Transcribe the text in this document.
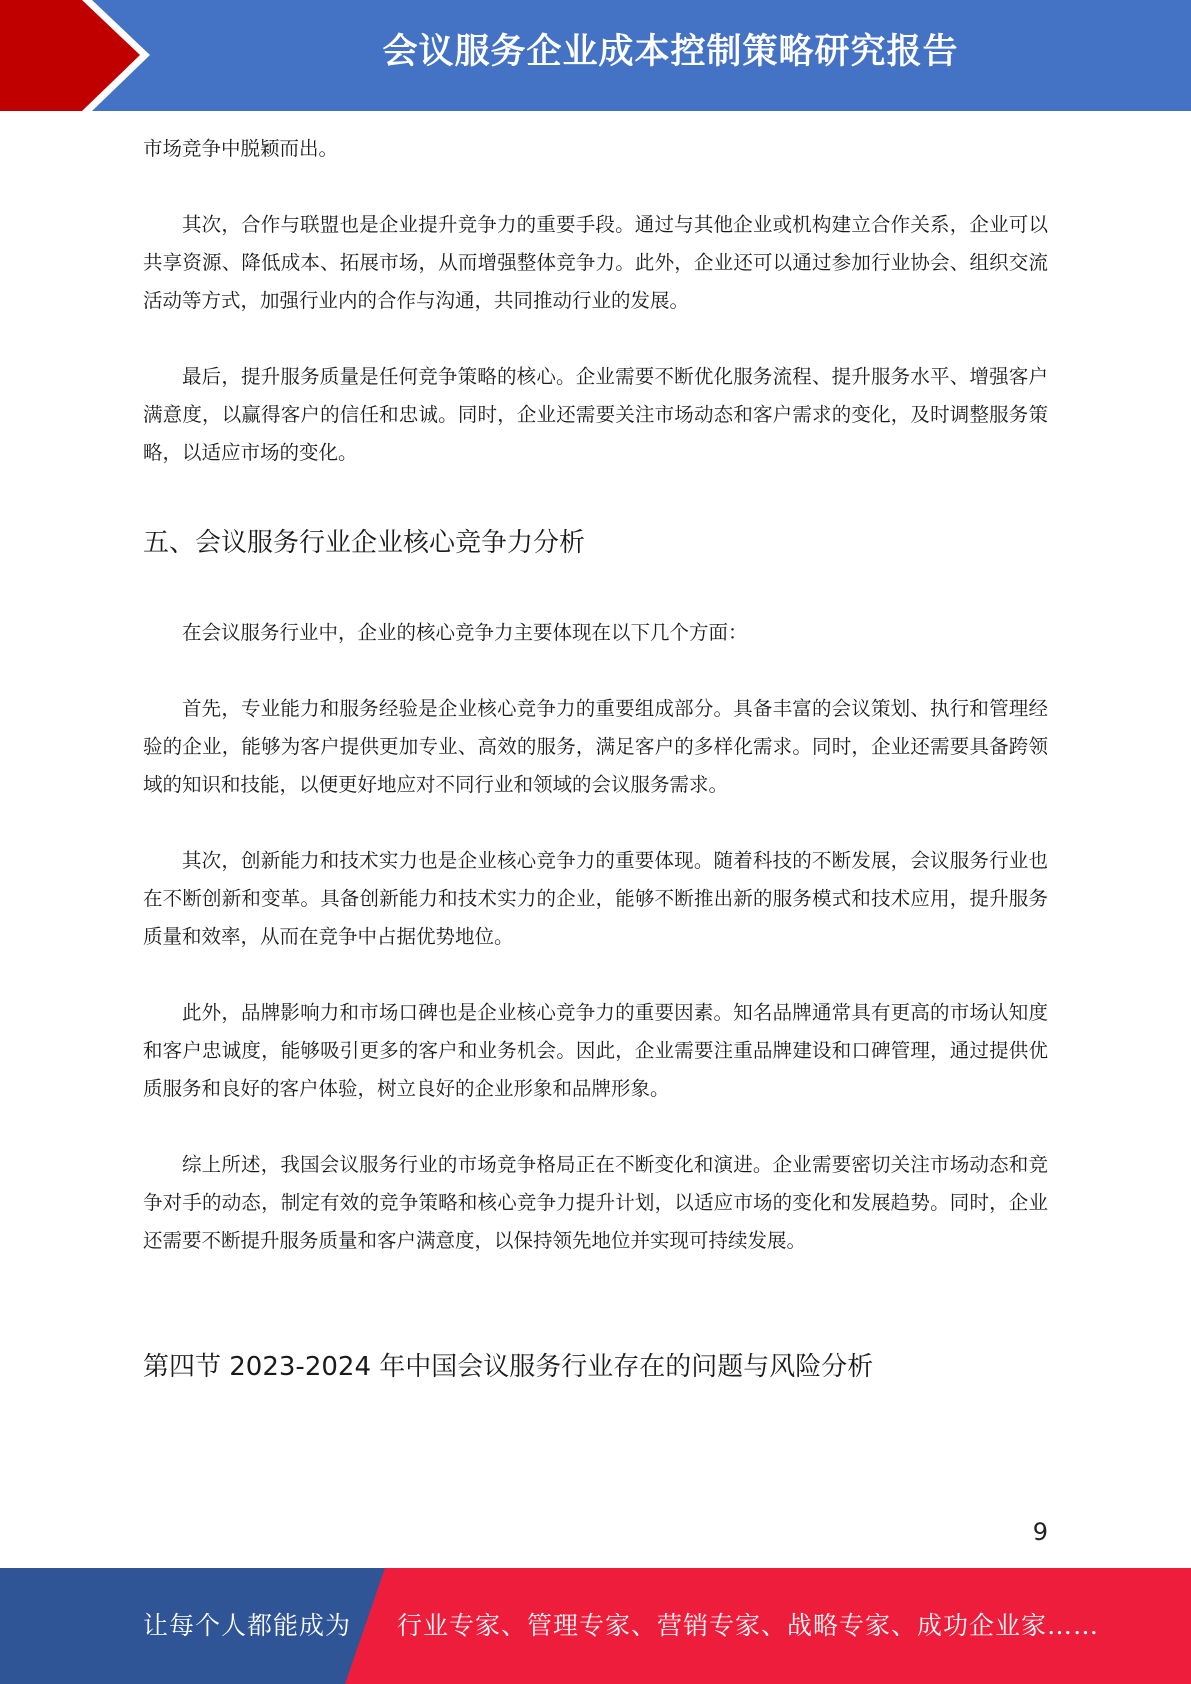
会议服务企业成本控制策略研究报告

市场竞争中脱颖而出。

其次，合作与联盟也是企业提升竞争力的重要手段。通过与其他企业或机构建立合作关系，企业可以共享资源、降低成本、拓展市场，从而增强整体竞争力。此外，企业还可以通过参加行业协会、组织交流活动等方式，加强行业内的合作与沟通，共同推动行业的发展。

最后，提升服务质量是任何竞争策略的核心。企业需要不断优化服务流程、提升服务水平、增强客户满意度，以赢得客户的信任和忠诚。同时，企业还需要关注市场动态和客户需求的变化，及时调整服务策略，以适应市场的变化。

五、会议服务行业企业核心竞争力分析

在会议服务行业中，企业的核心竞争力主要体现在以下几个方面：

首先，专业能力和服务经验是企业核心竞争力的重要组成部分。具备丰富的会议策划、执行和管理经验的企业，能够为客户提供更加专业、高效的服务，满足客户的多样化需求。同时，企业还需要具备跨领域的知识和技能，以便更好地应对不同行业和领域的会议服务需求。

其次，创新能力和技术实力也是企业核心竞争力的重要体现。随着科技的不断发展，会议服务行业也在不断创新和变革。具备创新能力和技术实力的企业，能够不断推出新的服务模式和技术应用，提升服务质量和效率，从而在竞争中占据优势地位。

此外，品牌影响力和市场口碑也是企业核心竞争力的重要因素。知名品牌通常具有更高的市场认知度和客户忠诚度，能够吸引更多的客户和业务机会。因此，企业需要注重品牌建设和口碑管理，通过提供优质服务和良好的客户体验，树立良好的企业形象和品牌形象。

综上所述，我国会议服务行业的市场竞争格局正在不断变化和演进。企业需要密切关注市场动态和竞争对手的动态，制定有效的竞争策略和核心竞争力提升计划，以适应市场的变化和发展趋势。同时，企业还需要不断提升服务质量和客户满意度，以保持领先地位并实现可持续发展。

第四节 2023-2024 年中国会议服务行业存在的问题与风险分析
9
让每个人都能成为 行业专家、管理专家、营销专家、战略专家、成功企业家……
